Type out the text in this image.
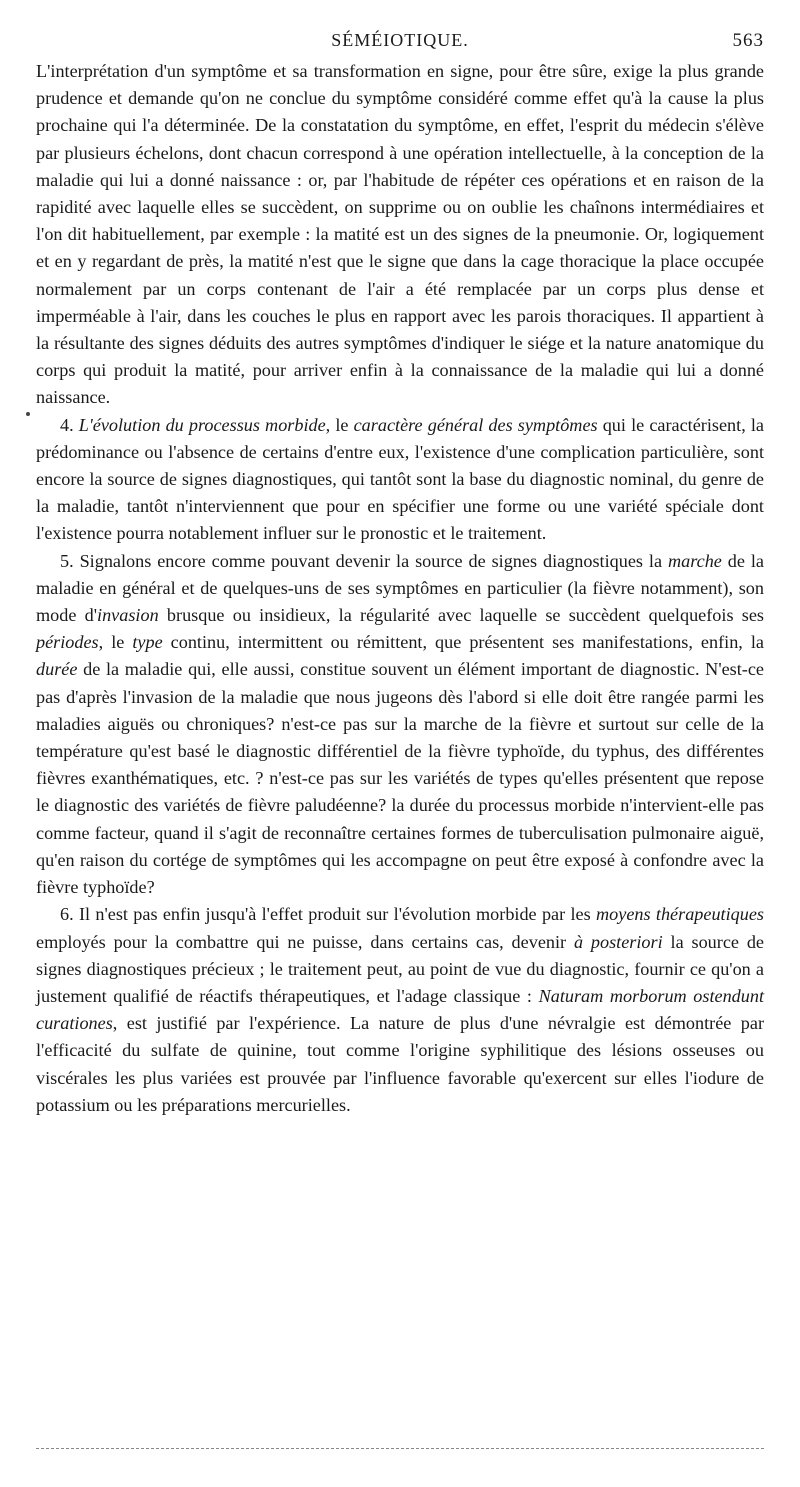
SÉMÉIOTIQUE.	563

L'interprétation d'un symptôme et sa transformation en signe, pour être sûre, exige la plus grande prudence et demande qu'on ne conclue du symptôme considéré comme effet qu'à la cause la plus prochaine qui l'a déterminée. De la constatation du symptôme, en effet, l'esprit du médecin s'élève par plusieurs échelons, dont chacun correspond à une opération intellectuelle, à la conception de la maladie qui lui a donné naissance : or, par l'habitude de répéter ces opérations et en raison de la rapidité avec laquelle elles se succèdent, on supprime ou on oublie les chaînons intermédiaires et l'on dit habituellement, par exemple : la matité est un des signes de la pneumonie. Or, logiquement et en y regardant de près, la matité n'est que le signe que dans la cage thoracique la place occupée normalement par un corps contenant de l'air a été remplacée par un corps plus dense et imperméable à l'air, dans les couches le plus en rapport avec les parois thoraciques. Il appartient à la résultante des signes déduits des autres symptômes d'indiquer le siége et la nature anatomique du corps qui produit la matité, pour arriver enfin à la connaissance de la maladie qui lui a donné naissance.

4. L'évolution du processus morbide, le caractère général des symptômes qui le caractérisent, la prédominance ou l'absence de certains d'entre eux, l'existence d'une complication particulière, sont encore la source de signes diagnostiques, qui tantôt sont la base du diagnostic nominal, du genre de la maladie, tantôt n'interviennent que pour en spécifier une forme ou une variété spéciale dont l'existence pourra notablement influer sur le pronostic et le traitement.

5. Signalons encore comme pouvant devenir la source de signes diagnostiques la marche de la maladie en général et de quelques-uns de ses symptômes en particulier (la fièvre notamment), son mode d'invasion brusque ou insidieux, la régularité avec laquelle se succèdent quelquefois ses périodes, le type continu, intermittent ou rémittent, que présentent ses manifestations, enfin, la durée de la maladie qui, elle aussi, constitue souvent un élément important de diagnostic. N'est-ce pas d'après l'invasion de la maladie que nous jugeons dès l'abord si elle doit être rangée parmi les maladies aiguës ou chroniques? n'est-ce pas sur la marche de la fièvre et surtout sur celle de la température qu'est basé le diagnostic différentiel de la fièvre typhoïde, du typhus, des différentes fièvres exanthématiques, etc. ? n'est-ce pas sur les variétés de types qu'elles présentent que repose le diagnostic des variétés de fièvre paludéenne? la durée du processus morbide n'intervient-elle pas comme facteur, quand il s'agit de reconnaître certaines formes de tuberculisation pulmonaire aiguë, qu'en raison du cortége de symptômes qui les accompagne on peut être exposé à confondre avec la fièvre typhoïde?

6. Il n'est pas enfin jusqu'à l'effet produit sur l'évolution morbide par les moyens thérapeutiques employés pour la combattre qui ne puisse, dans certains cas, devenir à posteriori la source de signes diagnostiques précieux ; le traitement peut, au point de vue du diagnostic, fournir ce qu'on a justement qualifié de réactifs thérapeutiques, et l'adage classique : Naturam morborum ostendunt curationes, est justifié par l'expérience. La nature de plus d'une névralgie est démontrée par l'efficacité du sulfate de quinine, tout comme l'origine syphilitique des lésions osseuses ou viscérales les plus variées est prouvée par l'influence favorable qu'exercent sur elles l'iodure de potassium ou les préparations mercurielles.
